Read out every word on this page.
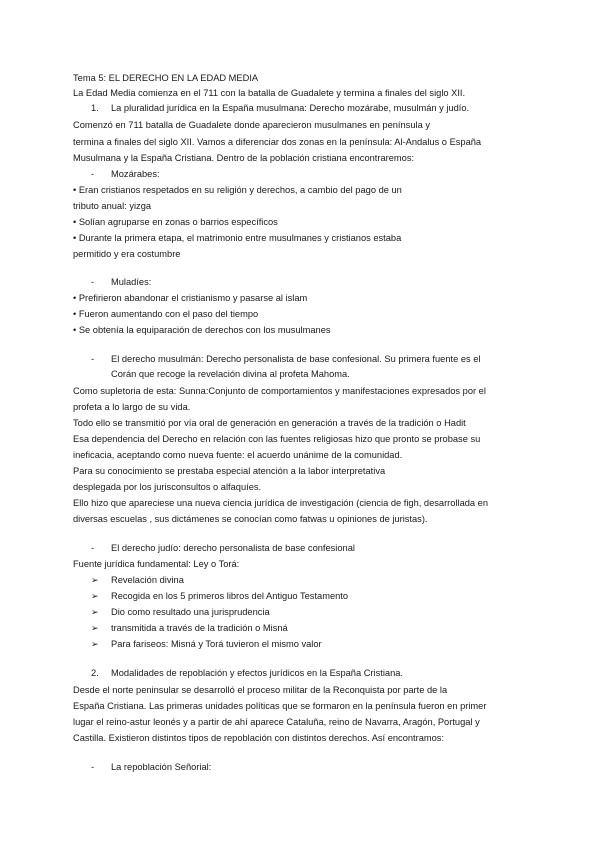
Tema 5: EL DERECHO EN LA EDAD MEDIA
La Edad Media comienza en el 711 con la batalla de Guadalete y termina a finales del siglo XII.
1. La pluralidad jurídica en la España musulmana: Derecho mozárabe, musulmán y judío.
Comenzó en 711 batalla de Guadalete donde aparecieron musulmanes en península y
termina a finales del siglo XII. Vamos a diferenciar dos zonas en la península: Al-Andalus o España
Musulmana y la España Cristiana. Dentro de la población cristiana encontraremos:
- Mozárabes:
• Eran cristianos respetados en su religión y derechos, a cambio del pago de un
tributo anual: yizga
• Solían agruparse en zonas o barrios específicos
• Durante la primera etapa, el matrimonio entre musulmanes y cristianos estaba
permitido y era costumbre
- Muladíes:
• Prefirieron abandonar el cristianismo y pasarse al islam
• Fueron aumentando con el paso del tiempo
• Se obtenía la equiparación de derechos con los musulmanes
- El derecho musulmán: Derecho personalista de base confesional. Su primera fuente es el
Corán que recoge la revelación divina al profeta Mahoma.
Como supletoria de esta: Sunna:Conjunto de comportamientos y manifestaciones expresados por el
profeta a lo largo de su vida.
Todo ello se transmitió por vía oral de generación en generación a través de la tradición o Hadit
Esa dependencia del Derecho en relación con las fuentes religiosas hizo que pronto se probase su
ineficacia, aceptando como nueva fuente: el acuerdo unánime de la comunidad.
Para su conocimiento se prestaba especial atención a la labor interpretativa
desplegada por los jurisconsultos o alfaquíes.
Ello hizo que apareciese una nueva ciencia jurídica de investigación (ciencia de figh, desarrollada en
diversas escuelas , sus dictámenes se conocían como fatwas u opiniones de juristas).
- El derecho judío: derecho personalista de base confesional
Fuente jurídica fundamental: Ley o Torá:
➢ Revelación divina
➢ Recogida en los 5 primeros libros del Antiguo Testamento
➢ Dio como resultado una jurisprudencia
➢ transmitida a través de la tradición o Misná
➢ Para fariseos: Misná y Torá tuvieron el mismo valor
2. Modalidades de repoblación y efectos jurídicos en la España Cristiana.
Desde el norte peninsular se desarrolló el proceso militar de la Reconquista por parte de la
España Cristiana. Las primeras unidades políticas que se formaron en la península fueron en primer
lugar el reino-astur leonés y a partir de ahí aparece Cataluña, reino de Navarra, Aragón, Portugal y
Castilla. Existieron distintos tipos de repoblación con distintos derechos. Así encontramos:
- La repoblación Señorial:
